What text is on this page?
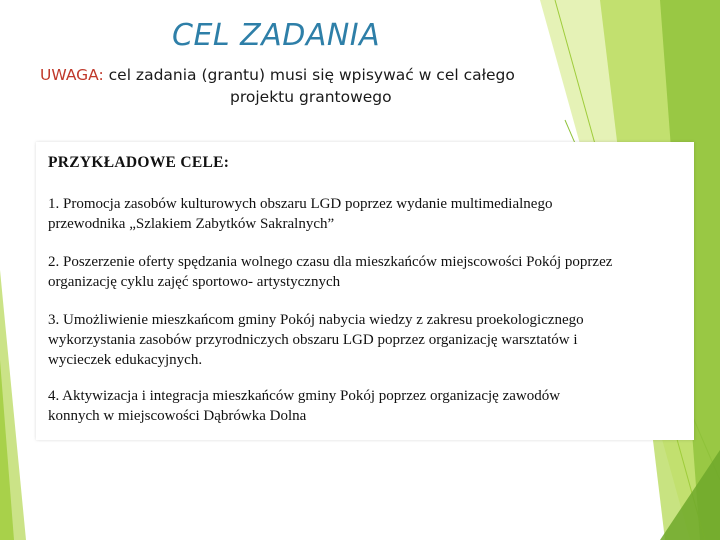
CEL ZADANIA

UWAGA: cel zadania (grantu) musi się wpisywać w cel całego
projektu grantowego

PRZYKŁADOWE CELE:

1. Promocja zasobów kulturowych obszaru LGD poprzez wydanie multimedialnego
przewodnika „Szlakiem Zabytków Sakralnych”

2. Poszerzenie oferty spędzania wolnego czasu dla mieszkańców miejscowości Pokój poprzez
organizację cyklu zajęć sportowo- artystycznych

3. Umożliwienie mieszkańcom gminy Pokój nabycia wiedzy z zakresu proekologicznego
wykorzystania zasobów przyrodniczych obszaru LGD poprzez organizację warsztatów i
wycieczek edukacyjnych.

4. Aktywizacja i integracja mieszkańców gminy Pokój poprzez organizację zawodów
konnych w miejscowości Dąbrówka Dolna
